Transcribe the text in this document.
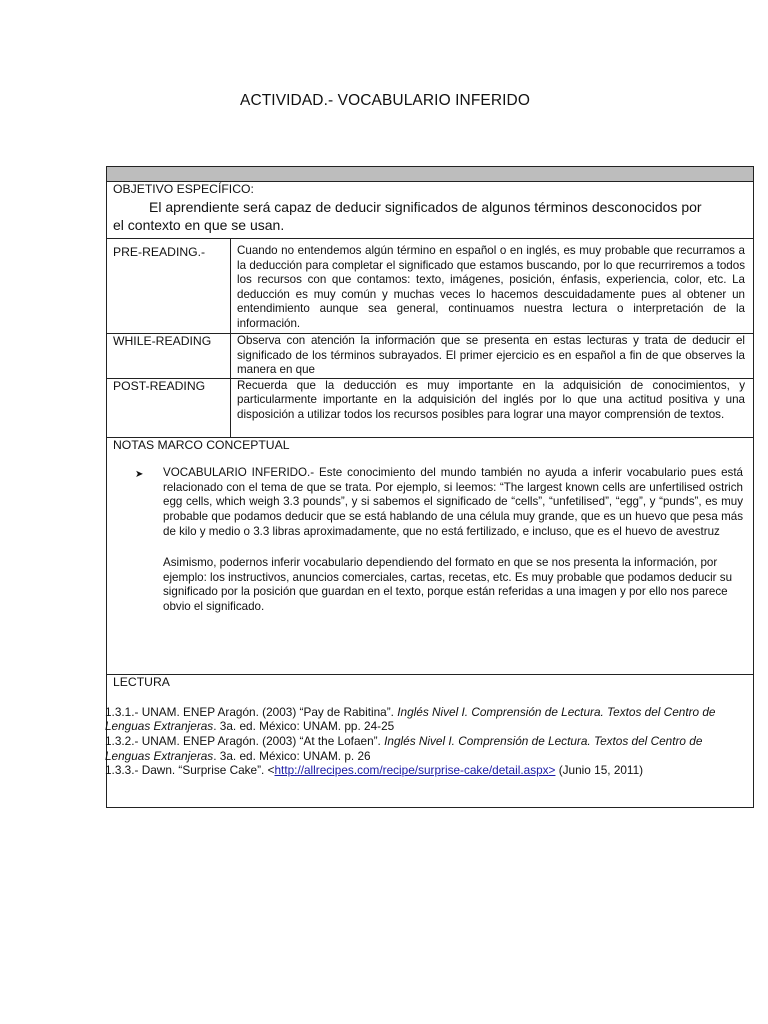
ACTIVIDAD.- VOCABULARIO INFERIDO

OBJETIVO ESPECÍFICO:
El aprendiente será capaz de deducir significados de algunos términos desconocidos por
el contexto en que se usan.	

PRE-READING.-	Cuando no entendemos algún término en español o en inglés, es muy probable que recurramos a la deducción para completar el significado que estamos buscando, por lo que recurriremos a todos los recursos con que contamos: texto, imágenes, posición, énfasis, experiencia, color, etc. La deducción es muy común y muchas veces lo hacemos descuidadamente pues al obtener un entendimiento aunque sea general, continuamos nuestra lectura o interpretación de la información.

WHILE-READING	Observa con atención la información que se presenta en estas lecturas y trata de deducir el significado de los términos subrayados. El primer ejercicio es en español a fin de que observes la manera en que

POST-READING	Recuerda que la deducción es muy importante en la adquisición de conocimientos, y particularmente importante en la adquisición del inglés por lo que una actitud positiva y una disposición a utilizar todos los recursos posibles para lograr una mayor comprensión de textos.

NOTAS MARCO CONCEPTUAL
➤ VOCABULARIO INFERIDO.- Este conocimiento del mundo también no ayuda a inferir vocabulario pues está relacionado con el tema de que se trata. Por ejemplo, si leemos: “The largest known cells are unfertilised ostrich egg cells, which weigh 3.3 pounds”, y si sabemos el significado de “cells”, “unfetilised”, “egg”, y “punds”, es muy probable que podamos deducir que se está hablando de una célula muy grande, que es un huevo que pesa más de kilo y medio o 3.3 libras aproximadamente, que no está fertilizado, e incluso, que es el huevo de avestruz
Asimismo, podernos inferir vocabulario dependiendo del formato en que se nos presenta la información, por ejemplo: los instructivos, anuncios comerciales, cartas, recetas, etc. Es muy probable que podamos deducir su significado por la posición que guardan en el texto, porque están referidas a una imagen y por ello nos parece obvio el significado.	

LECTURA
1.3.1.- UNAM. ENEP Aragón. (2003) “Pay de Rabitina”. Inglés Nivel I. Comprensión de Lectura. Textos del Centro de Lenguas Extranjeras. 3a. ed. México: UNAM. pp. 24-25
1.3.2.- UNAM. ENEP Aragón. (2003) “At the Lofaen”. Inglés Nivel I. Comprensión de Lectura. Textos del Centro de Lenguas Extranjeras. 3a. ed. México: UNAM. p. 26
1.3.3.- Dawn. “Surprise Cake”. <http://allrecipes.com/recipe/surprise-cake/detail.aspx> (Junio 15, 2011)	
